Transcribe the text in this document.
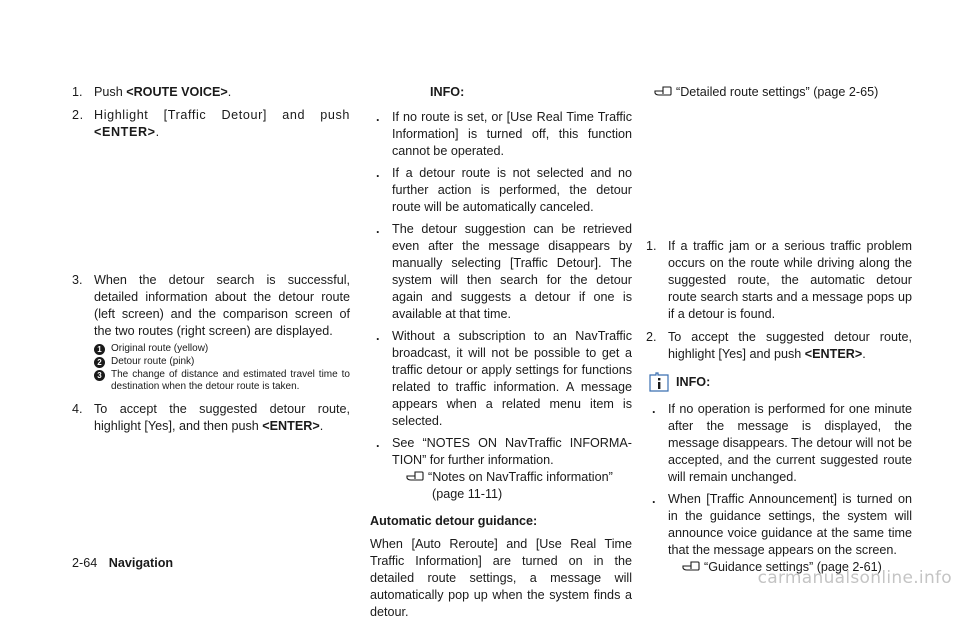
1. Push <ROUTE VOICE>.
2. Highlight [Traffic Detour] and push <ENTER>.
3. When the detour search is successful, detailed information about the detour route (left screen) and the comparison screen of the two routes (right screen) are displayed.
1 Original route (yellow)
2 Detour route (pink)
3 The change of distance and estimated travel time to destination when the detour route is taken.
4. To accept the suggested detour route, highlight [Yes], and then push <ENTER>.
INFO:
. If no route is set, or [Use Real Time Traffic Information] is turned off, this function cannot be operated.
. If a detour route is not selected and no further action is performed, the detour route will be automatically canceled.
. The detour suggestion can be retrieved even after the message disappears by manually selecting [Traffic Detour]. The system will then search for the detour again and suggests a detour if one is available at that time.
. Without a subscription to an NavTraffic broadcast, it will not be possible to get a traffic detour or apply settings for functions related to traffic information. A message appears when a related menu item is selected.
. See “NOTES ON NavTraffic INFORMA-TION” for further information.
“Notes on NavTraffic information”
(page 11-11)
Automatic detour guidance:
When [Auto Reroute] and [Use Real Time Traffic Information] are turned on in the detailed route settings, a message will automatically pop up when the system finds a detour.
“Detailed route settings” (page 2-65)
1. If a traffic jam or a serious traffic problem occurs on the route while driving along the suggested route, the automatic detour route search starts and a message pops up if a detour is found.
2. To accept the suggested detour route, highlight [Yes] and push <ENTER>.
INFO:
. If no operation is performed for one minute after the message is displayed, the message disappears. The detour will not be accepted, and the current suggested route will remain unchanged.
. When [Traffic Announcement] is turned on in the guidance settings, the system will announce voice guidance at the same time that the message appears on the screen.
“Guidance settings” (page 2-61)
2-64 Navigation
carmanualsonline.info
